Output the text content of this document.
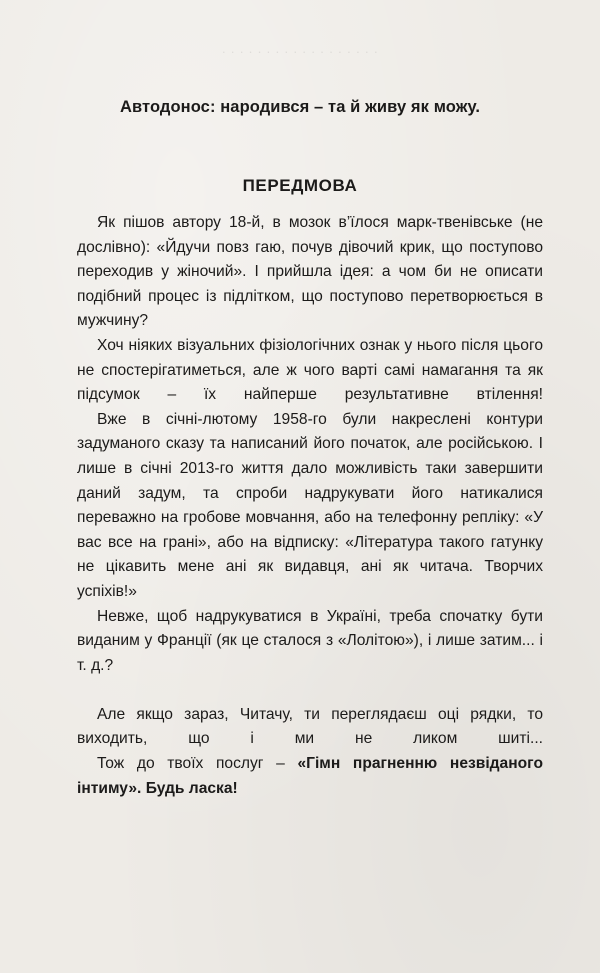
· · · · · · · · · · · · · · · · · ·
Автодонос: народився – та й живу як можу.
ПЕРЕДМОВА

Як пішов автору 18-й, в мозок в’їлося марк-твенівське (не дослівно): «Йдучи повз гаю, почув дівочий крик, що поступово переходив у жіночий». І прийшла ідея: а чом би не описати подібний процес із підлітком, що поступово перетворюється в мужчину?

Хоч ніяких візуальних фізіологічних ознак у нього після цього не спостерігатиметься, але ж чого варті самі намагання та як підсумок – їх найперше результативне втілення!

Вже в січні-лютому 1958-го були накреслені контури задуманого сказу та написаний його початок, але російською. І лише в січні 2013-го життя дало можливість таки завершити даний задум, та спроби надрукувати його натикалися переважно на гробове мовчання, або на телефонну репліку: «У вас все на грані», або на відписку: «Література такого гатунку не цікавить мене ані як видавця, ані як читача. Творчих успіхів!»

Невже, щоб надрукуватися в Україні, треба спочатку бути виданим у Франції (як це сталося з «Лолітою»), і лише затим... і т. д.?

Але якщо зараз, Читачу, ти переглядаєш оці рядки, то виходить, що і ми не ликом шиті...

Тож до твоїх послуг – «Гімн прагненню незвіданого інтиму». Будь ласка!
